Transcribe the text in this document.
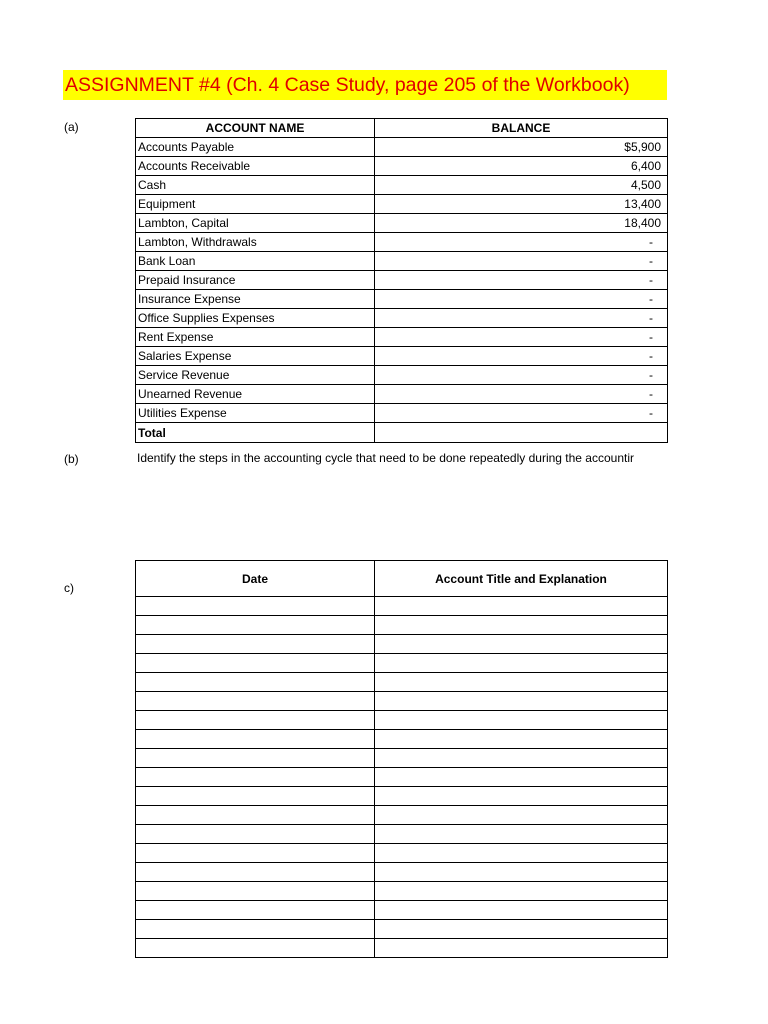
ASSIGNMENT #4 (Ch. 4 Case Study, page 205 of the Workbook)
(a)	ACCOUNT NAME	BALANCE
Accounts Payable	$5,900
Accounts Receivable	6,400
Cash	4,500
Equipment	13,400
Lambton, Capital	18,400
Lambton, Withdrawals	-
Bank Loan	-
Prepaid Insurance	-
Insurance Expense	-
Office Supplies Expenses	-
Rent Expense	-
Salaries Expense	-
Service Revenue	-
Unearned Revenue	-
Utilities Expense	-
Total	
(b)	Identify the steps in the accounting cycle that need to be done repeatedly during the accountir
c)
Date	Account Title and Explanation
